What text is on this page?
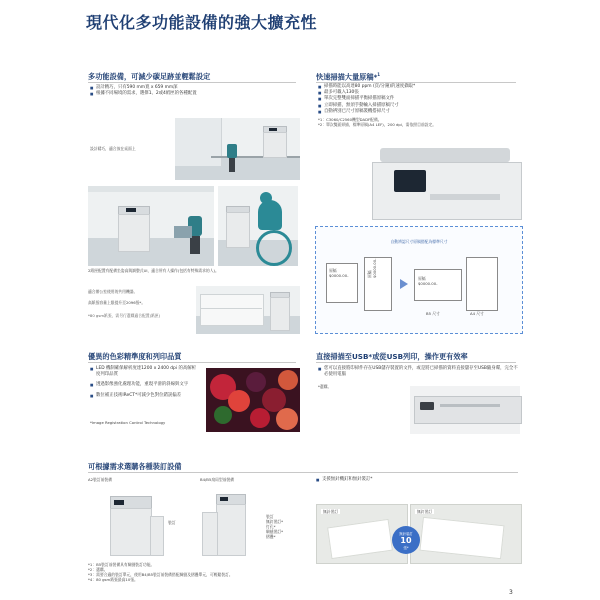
現代化多功能設備的強大擴充性
多功能設備，可減少碳足跡並輕鬆設定
■ 設計精巧，只有590 mm寬 x 659 mm深
■ 根據不同場境的需求，選擇1、2或4紙匣的各種配置
設計精巧，適合放在桌面上
2紙匣配置有配備坐姿高與調整式UI，適合所有人操作(包括有特殊需求的人)。
適合辦公室使用的共用機器。
高紙張容量上限提升至2096張*。
*80 gsm紙張，需另行選購適合配置(紙匣)
快速掃描大量原稿*$^1$
■ 掃描時能以高達80 ppm (頁/分鐘)的速度擷取*
■ 最多可載入130張
■ 單次完整雙面掃描平衡掃描原稿文件
■ 立即掃描，無須手動輸入掃描原稿尺寸
■ 自動辨別已尺寸原稿裝機搭掃尺寸
*1：C3060/C2560機型DADF配備。
*2：單次雙面掃描，標準原稿(A4 LEF)，200 dpi，需依照目前設定。
自動辨認尺寸原稿搭配為標準尺寸
原稿
$0000.00-	原稿
$0000.00-
原稿
$0000.00-
B5 尺寸	A4 尺寸
優異的色彩精準度和列印品質
■ LED 機制確保解析度達1200 x 2400 dpi 的高解析度列印品質
■ 透過影像強化處理功能，重現平滑的斜線與文字
■ 數位補正技術IReCT*可減少色對位錯誤偏差
*Image Registration Control Technology
直接掃描至USB*或從USB列印，操作更有效率
■ 您可以直接將印掃件存在USB儲存裝置的文件，或是將已掃描的資料直接儲存至USB隨身碟，完全不必使用電腦
*選購。
可根據需求選購各種裝訂設備
A2裝訂前裝備
裝訂
B4/B5扇局型前裝備
裝訂
無釘裝訂*
打孔*
騎縫裝訂*
摺疊*
■ 支援無針機釘和無針裝訂*
無針裝訂	無釘裝訂
無針裝訂
10
張*
*1：B5裝訂前裝備具有騎縫裝訂功能。
*2：選購。
*3：需要合適的裝訂單元，使用B4/B5裝訂前裝備搭配騎縫及摺疊單元，可輕鬆裝訂。
*4：80 gsm紙張最高10張。
3
